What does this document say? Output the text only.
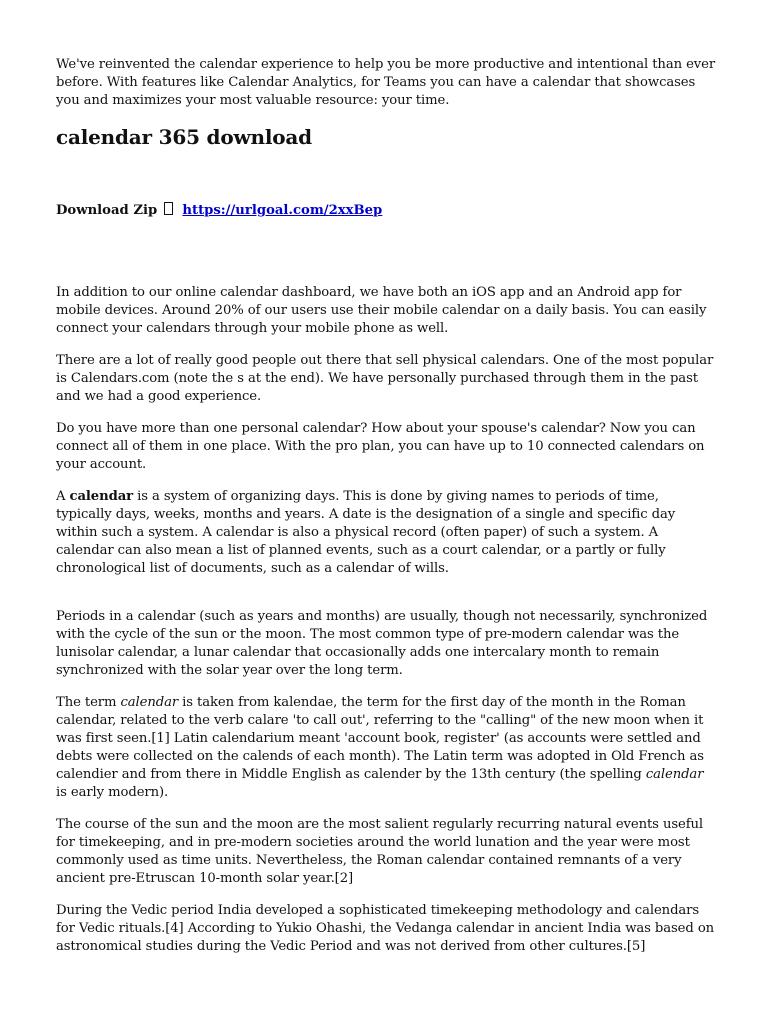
We've reinvented the calendar experience to help you be more productive and intentional than ever before. With features like Calendar Analytics, for Teams you can have a calendar that showcases you and maximizes your most valuable resource: your time.

calendar 365 download
Download Zip https://urlgoal.com/2xxBep

In addition to our online calendar dashboard, we have both an iOS app and an Android app for mobile devices. Around 20% of our users use their mobile calendar on a daily basis. You can easily connect your calendars through your mobile phone as well.

There are a lot of really good people out there that sell physical calendars. One of the most popular is Calendars.com (note the s at the end). We have personally purchased through them in the past and we had a good experience.

Do you have more than one personal calendar? How about your spouse's calendar? Now you can connect all of them in one place. With the pro plan, you can have up to 10 connected calendars on your account.

A calendar is a system of organizing days. This is done by giving names to periods of time, typically days, weeks, months and years. A date is the designation of a single and specific day within such a system. A calendar is also a physical record (often paper) of such a system. A calendar can also mean a list of planned events, such as a court calendar, or a partly or fully chronological list of documents, such as a calendar of wills.

Periods in a calendar (such as years and months) are usually, though not necessarily, synchronized with the cycle of the sun or the moon. The most common type of pre-modern calendar was the lunisolar calendar, a lunar calendar that occasionally adds one intercalary month to remain synchronized with the solar year over the long term.

The term calendar is taken from kalendae, the term for the first day of the month in the Roman calendar, related to the verb calare 'to call out', referring to the "calling" of the new moon when it was first seen.[1] Latin calendarium meant 'account book, register' (as accounts were settled and debts were collected on the calends of each month). The Latin term was adopted in Old French as calendier and from there in Middle English as calender by the 13th century (the spelling calendar is early modern).

The course of the sun and the moon are the most salient regularly recurring natural events useful for timekeeping, and in pre-modern societies around the world lunation and the year were most commonly used as time units. Nevertheless, the Roman calendar contained remnants of a very ancient pre-Etruscan 10-month solar year.[2]

During the Vedic period India developed a sophisticated timekeeping methodology and calendars for Vedic rituals.[4] According to Yukio Ohashi, the Vedanga calendar in ancient India was based on astronomical studies during the Vedic Period and was not derived from other cultures.[5]
